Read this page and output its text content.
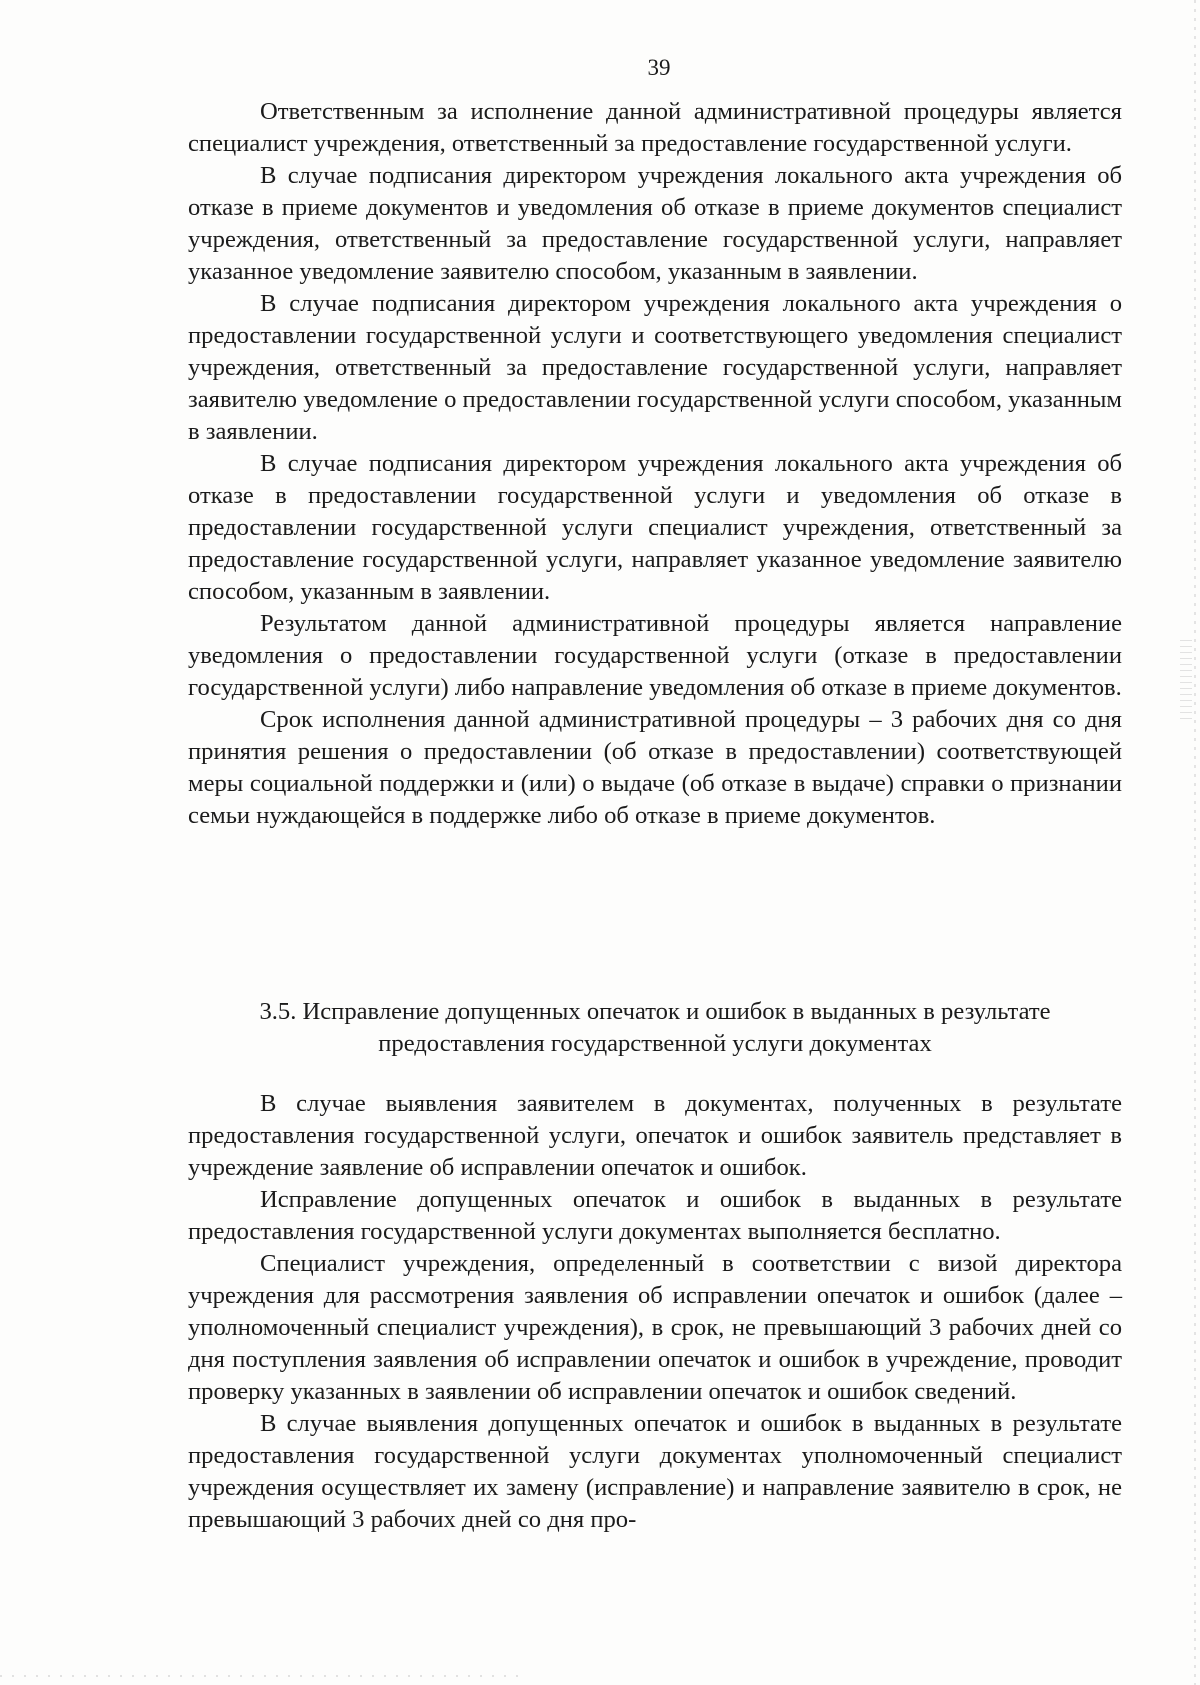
39

Ответственным за исполнение данной административной процедуры является специалист учреждения, ответственный за предоставление государственной услуги.

В случае подписания директором учреждения локального акта учреждения об отказе в приеме документов и уведомления об отказе в приеме документов специалист учреждения, ответственный за предоставление государственной услуги, направляет указанное уведомление заявителю способом, указанным в заявлении.

В случае подписания директором учреждения локального акта учреждения о предоставлении государственной услуги и соответствующего уведомления специалист учреждения, ответственный за предоставление государственной услуги, направляет заявителю уведомление о предоставлении государственной услуги способом, указанным в заявлении.

В случае подписания директором учреждения локального акта учреждения об отказе в предоставлении государственной услуги и уведомления об отказе в предоставлении государственной услуги специалист учреждения, ответственный за предоставление государственной услуги, направляет указанное уведомление заявителю способом, указанным в заявлении.

Результатом данной административной процедуры является направление уведомления о предоставлении государственной услуги (отказе в предоставлении государственной услуги) либо направление уведомления об отказе в приеме документов.

Срок исполнения данной административной процедуры – 3 рабочих дня со дня принятия решения о предоставлении (об отказе в предоставлении) соответствующей меры социальной поддержки и (или) о выдаче (об отказе в выдаче) справки о признании семьи нуждающейся в поддержке либо об отказе в приеме документов.

3.5. Исправление допущенных опечаток и ошибок в выданных в результате
предоставления государственной услуги документах

В случае выявления заявителем в документах, полученных в результате предоставления государственной услуги, опечаток и ошибок заявитель представляет в учреждение заявление об исправлении опечаток и ошибок.

Исправление допущенных опечаток и ошибок в выданных в результате предоставления государственной услуги документах выполняется бесплатно.

Специалист учреждения, определенный в соответствии с визой директора учреждения для рассмотрения заявления об исправлении опечаток и ошибок (далее – уполномоченный специалист учреждения), в срок, не превышающий 3 рабочих дней со дня поступления заявления об исправлении опечаток и ошибок в учреждение, проводит проверку указанных в заявлении об исправлении опечаток и ошибок сведений.

В случае выявления допущенных опечаток и ошибок в выданных в результате предоставления государственной услуги документах уполномоченный специалист учреждения осуществляет их замену (исправление) и направление заявителю в срок, не превышающий 3 рабочих дней со дня про-
